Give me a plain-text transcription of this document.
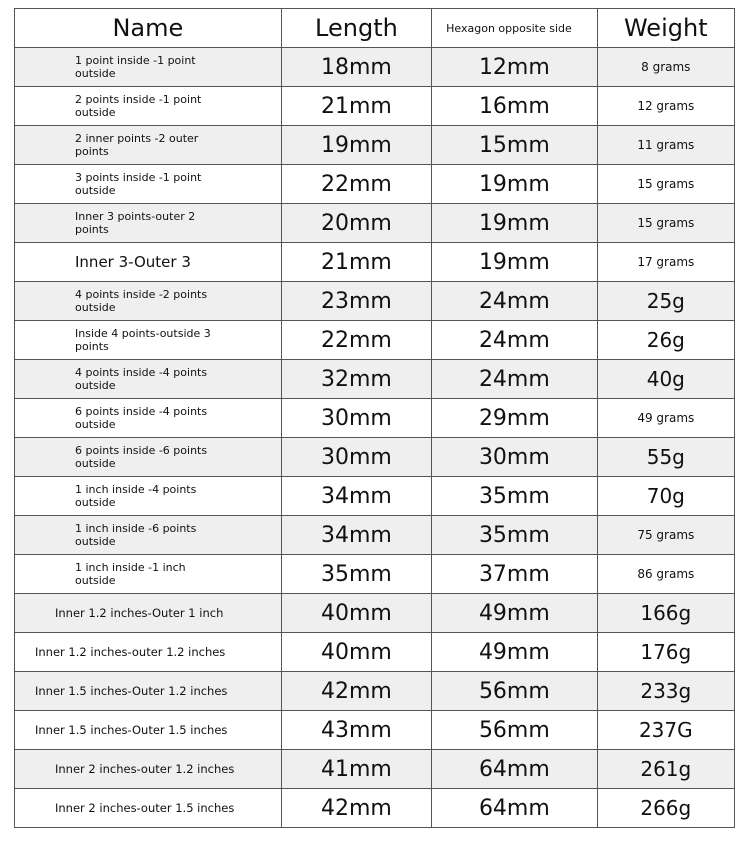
Name	Length	Hexagon opposite side	Weight
1 point inside -1 point outside	18mm	12mm	8 grams
2 points inside -1 point outside	21mm	16mm	12 grams
2 inner points -2 outer points	19mm	15mm	11 grams
3 points inside -1 point outside	22mm	19mm	15 grams
Inner 3 points-outer 2 points	20mm	19mm	15 grams
Inner 3-Outer 3	21mm	19mm	17 grams
4 points inside -2 points outside	23mm	24mm	25g
Inside 4 points-outside 3 points	22mm	24mm	26g
4 points inside -4 points outside	32mm	24mm	40g
6 points inside -4 points outside	30mm	29mm	49 grams
6 points inside -6 points outside	30mm	30mm	55g
1 inch inside -4 points outside	34mm	35mm	70g
1 inch inside -6 points outside	34mm	35mm	75 grams
1 inch inside -1 inch outside	35mm	37mm	86 grams
Inner 1.2 inches-Outer 1 inch	40mm	49mm	166g
Inner 1.2 inches-outer 1.2 inches	40mm	49mm	176g
Inner 1.5 inches-Outer 1.2 inches	42mm	56mm	233g
Inner 1.5 inches-Outer 1.5 inches	43mm	56mm	237G
Inner 2 inches-outer 1.2 inches	41mm	64mm	261g
Inner 2 inches-outer 1.5 inches	42mm	64mm	266g
